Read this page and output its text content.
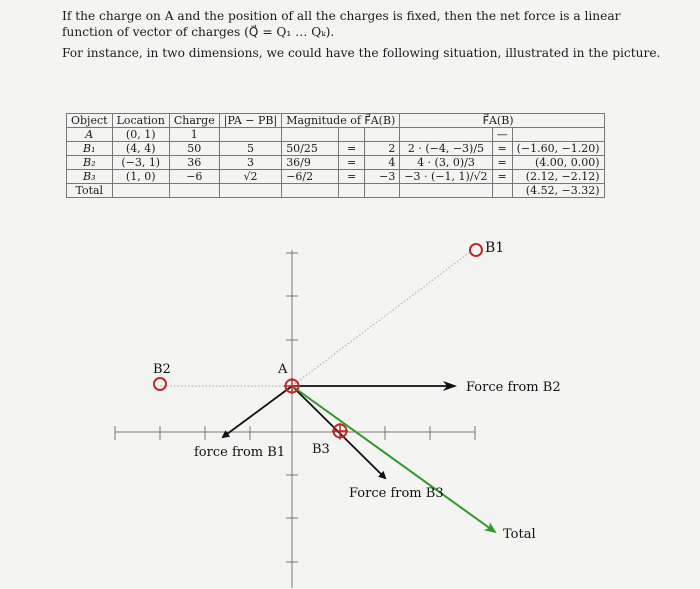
If the charge on A and the position of all the charges is fixed, then the net force is a linear function of vector of charges (Q⃗ = Q₁ … Qₖ).
For instance, in two dimensions, we could have the following situation, illustrated in the picture.
Object	Location	Charge	|PA − PB|	Magnitude of F⃗A(B)			F⃗A(B)		
A	(0, 1)	1						—	
B₁	(4, 4)	50	5	50/25	=	2	2 · (−4, −3)/5	=	(−1.60, −1.20)
B₂	(−3, 1)	36	3	36/9	=	4	4 · (3, 0)/3	=	(4.00, 0.00)
B₃	(1, 0)	−6	√2	−6/2	=	−3	−3 · (−1, 1)/√2	=	(2.12, −2.12)
Total									(4.52, −3.32)
B1
B2	A
B3
Force from B2
force from B1
Force from B3
Total
